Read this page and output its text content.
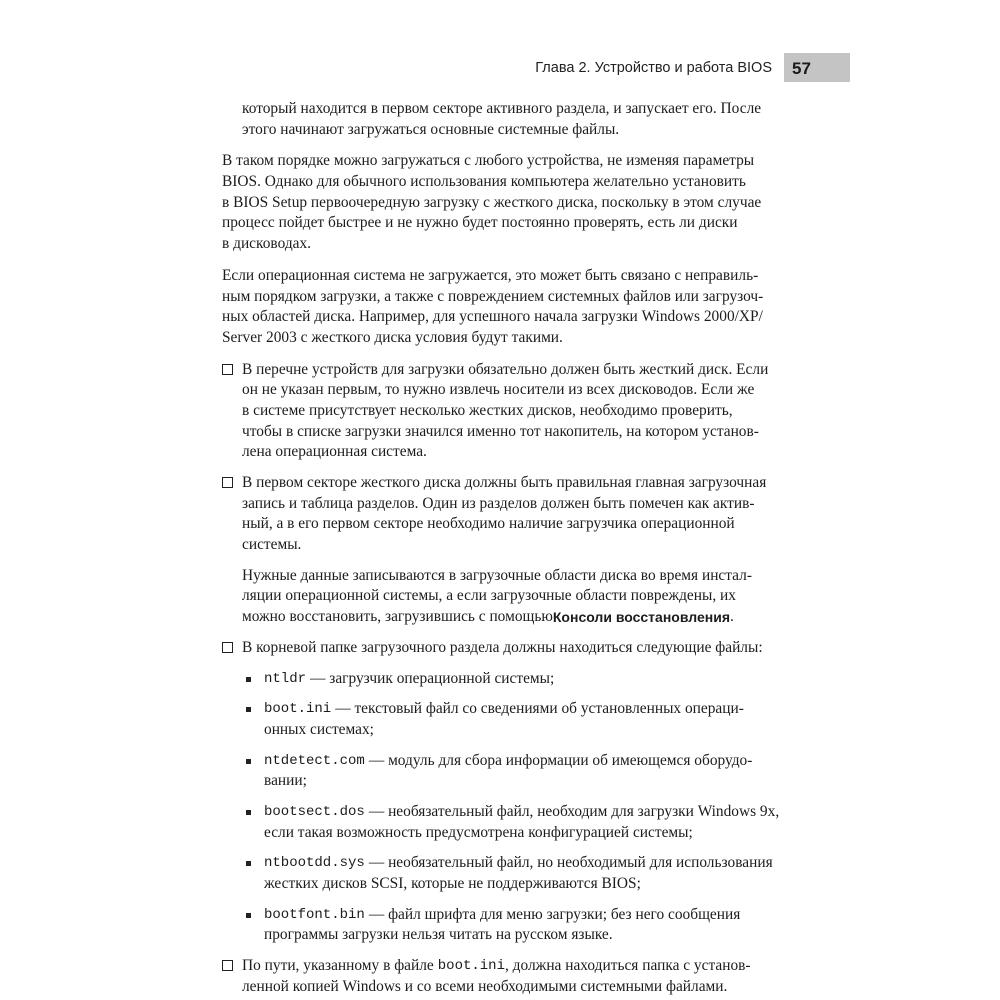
Глава 2. Устройство и работа BIOS	57
который находится в первом секторе активного раздела, и запускает его. После
этого начинают загружаться основные системные файлы.
В таком порядке можно загружаться с любого устройства, не изменяя параметры
BIOS. Однако для обычного использования компьютера желательно установить
в BIOS Setup первоочередную загрузку с жесткого диска, поскольку в этом случае
процесс пойдет быстрее и не нужно будет постоянно проверять, есть ли диски
в дисководах.
Если операционная система не загружается, это может быть связано с неправиль-
ным порядком загрузки, а также с повреждением системных файлов или загрузоч-
ных областей диска. Например, для успешного начала загрузки Windows 2000/XP/
Server 2003 с жесткого диска условия будут такими.
В перечне устройств для загрузки обязательно должен быть жесткий диск. Если
он не указан первым, то нужно извлечь носители из всех дисководов. Если же
в системе присутствует несколько жестких дисков, необходимо проверить,
чтобы в списке загрузки значился именно тот накопитель, на котором установ-
лена операционная система.
В первом секторе жесткого диска должны быть правильная главная загрузочная
запись и таблица разделов. Один из разделов должен быть помечен как актив-
ный, а в его первом секторе необходимо наличие загрузчика операционной
системы.
Нужные данные записываются в загрузочные области диска во время инстал-
ляции операционной системы, а если загрузочные области повреждены, их
можно восстановить, загрузившись с помощью Консоли восстановления .
В корневой папке загрузочного раздела должны находиться следующие файлы:
ntldr — загрузчик операционной системы;
boot.ini — текстовый файл со сведениями об установленных операци-
онных системах;
ntdetect.com — модуль для сбора информации об имеющемся оборудо-
вании;
bootsect.dos — необязательный файл, необходим для загрузки Windows 9x,
если такая возможность предусмотрена конфигурацией системы;
ntbootdd.sys — необязательный файл, но необходимый для использования
жестких дисков SCSI, которые не поддерживаются BIOS;
bootfont.bin — файл шрифта для меню загрузки; без него сообщения
программы загрузки нельзя читать на русском языке.
По пути, указанному в файле boot.ini , должна находиться папка с установ-
ленной копией Windows и со всеми необходимыми системными файлами.
